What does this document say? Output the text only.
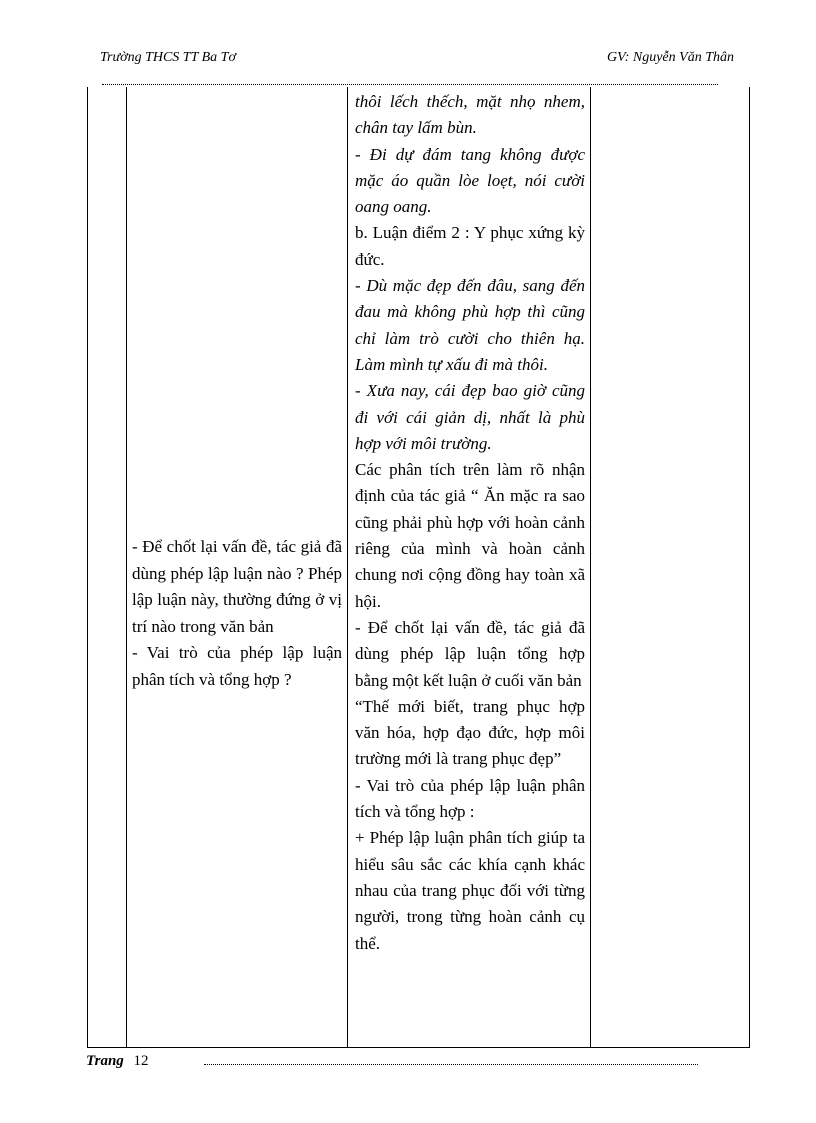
Trường THCS TT Ba Tơ	GV: Nguyễn Văn Thân

- Để chốt lại vấn đề, tác giả đã dùng phép lập luận nào ? Phép lập luận này, thường đứng ở vị trí nào trong văn bản

- Vai trò của phép lập luận phân tích và tổng hợp ?

thôi lếch thếch, mặt nhọ nhem, chân tay lấm bùn.

- Đi dự đám tang không được mặc áo quần lòe loẹt, nói cười oang oang.

b. Luận điểm 2 : Y phục xứng kỳ đức.

- Dù mặc đẹp đến đâu, sang đến đau mà không phù hợp thì cũng chỉ làm trò cười cho thiên hạ. Làm mình tự xấu đi mà thôi.

- Xưa nay, cái đẹp bao giờ cũng đi với cái giản dị, nhất là phù hợp với môi trường.

Các phân tích trên làm rõ nhận định của tác giả “ Ăn mặc ra sao cũng phải phù hợp với hoàn cảnh riêng của mình và hoàn cảnh chung nơi cộng đồng hay toàn xã hội.

- Để chốt lại vấn đề, tác giả đã dùng phép lập luận tổng hợp bằng một kết luận ở cuối văn bản

“Thế mới biết, trang phục hợp văn hóa, hợp đạo đức, hợp môi trường mới là trang phục đẹp”

- Vai trò của phép lập luận phân tích và tổng hợp :

+ Phép lập luận phân tích giúp ta hiểu sâu sắc các khía cạnh khác nhau của trang phục đối với từng người, trong từng hoàn cảnh cụ thể.

Trang 12
